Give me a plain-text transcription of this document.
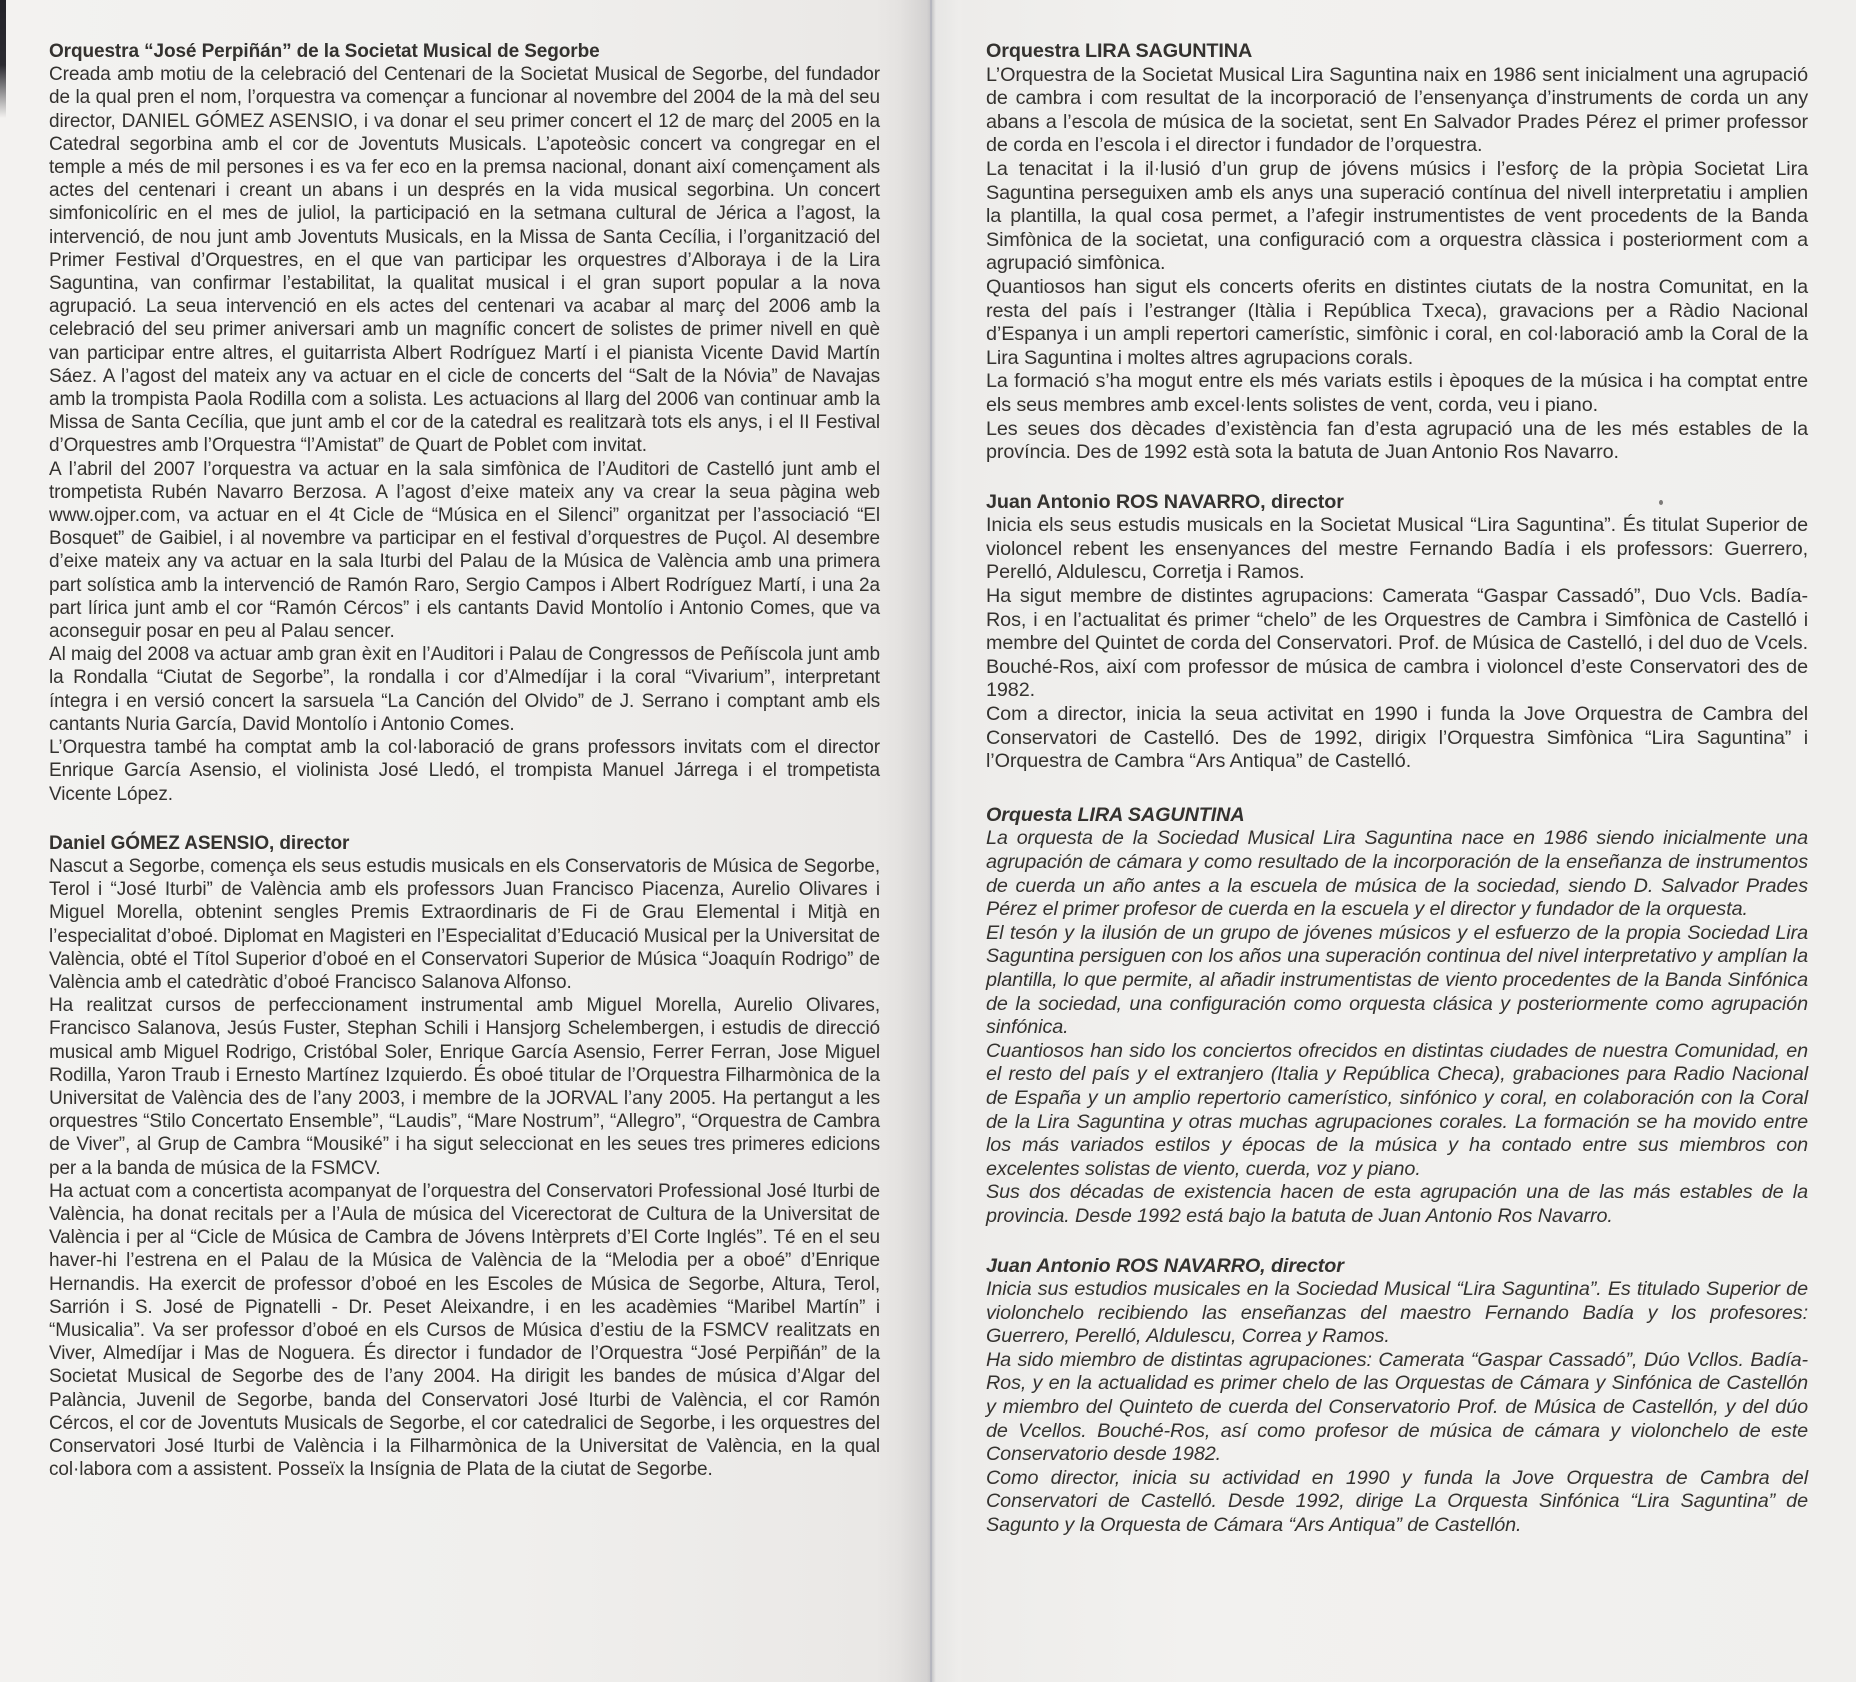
Orquestra “José Perpiñán” de la Societat Musical de Segorbe

Creada amb motiu de la celebració del Centenari de la Societat Musical de Segorbe, del fundador de la qual pren el nom, l’orquestra va començar a funcionar al novembre del 2004 de la mà del seu director, DANIEL GÓMEZ ASENSIO, i va donar el seu primer concert el 12 de març del 2005 en la Catedral segorbina amb el cor de Joventuts Musicals. L’apoteòsic concert va congregar en el temple a més de mil persones i es va fer eco en la premsa nacional, donant així començament als actes del centenari i creant un abans i un després en la vida musical segorbina. Un concert simfonicolíric en el mes de juliol, la participació en la setmana cultural de Jérica a l’agost, la intervenció, de nou junt amb Joventuts Musicals, en la Missa de Santa Cecília, i l’organització del Primer Festival d’Orquestres, en el que van participar les orquestres d’Alboraya i de la Lira Saguntina, van confirmar l’estabilitat, la qualitat musical i el gran suport popular a la nova agrupació. La seua intervenció en els actes del centenari va acabar al març del 2006 amb la celebració del seu primer aniversari amb un magnífic concert de solistes de primer nivell en què van participar entre altres, el guitarrista Albert Rodríguez Martí i el pianista Vicente David Martín Sáez. A l’agost del mateix any va actuar en el cicle de concerts del “Salt de la Nóvia” de Navajas amb la trompista Paola Rodilla com a solista. Les actuacions al llarg del 2006 van continuar amb la Missa de Santa Cecília, que junt amb el cor de la catedral es realitzarà tots els anys, i el II Festival d’Orquestres amb l’Orquestra “l’Amistat” de Quart de Poblet com invitat.

A l’abril del 2007 l’orquestra va actuar en la sala simfònica de l’Auditori de Castelló junt amb el trompetista Rubén Navarro Berzosa. A l’agost d’eixe mateix any va crear la seua pàgina web www.ojper.com, va actuar en el 4t Cicle de “Música en el Silenci” organitzat per l’associació “El Bosquet” de Gaibiel, i al novembre va participar en el festival d’orquestres de Puçol. Al desembre d’eixe mateix any va actuar en la sala Iturbi del Palau de la Música de València amb una primera part solística amb la intervenció de Ramón Raro, Sergio Campos i Albert Rodríguez Martí, i una 2a part lírica junt amb el cor “Ramón Cércos” i els cantants David Montolío i Antonio Comes, que va aconseguir posar en peu al Palau sencer.

Al maig del 2008 va actuar amb gran èxit en l’Auditori i Palau de Congressos de Peñíscola junt amb la Rondalla “Ciutat de Segorbe”, la rondalla i cor d’Almedíjar i la coral “Vivarium”, interpretant íntegra i en versió concert la sarsuela “La Canción del Olvido” de J. Serrano i comptant amb els cantants Nuria García, David Montolío i Antonio Comes.

L’Orquestra també ha comptat amb la col·laboració de grans professors invitats com el director Enrique García Asensio, el violinista José Lledó, el trompista Manuel Járrega i el trompetista Vicente López.

Daniel GÓMEZ ASENSIO, director

Nascut a Segorbe, comença els seus estudis musicals en els Conservatoris de Música de Segorbe, Terol i “José Iturbi” de València amb els professors Juan Francisco Piacenza, Aurelio Olivares i Miguel Morella, obtenint sengles Premis Extraordinaris de Fi de Grau Elemental i Mitjà en l’especialitat d’oboé. Diplomat en Magisteri en l’Especialitat d’Educació Musical per la Universitat de València, obté el Títol Superior d’oboé en el Conservatori Superior de Música “Joaquín Rodrigo” de València amb el catedràtic d’oboé Francisco Salanova Alfonso.

Ha realitzat cursos de perfeccionament instrumental amb Miguel Morella, Aurelio Olivares, Francisco Salanova, Jesús Fuster, Stephan Schili i Hansjorg Schelembergen, i estudis de direcció musical amb Miguel Rodrigo, Cristóbal Soler, Enrique García Asensio, Ferrer Ferran, Jose Miguel Rodilla, Yaron Traub i Ernesto Martínez Izquierdo. És oboé titular de l’Orquestra Filharmònica de la Universitat de València des de l’any 2003, i membre de la JORVAL l’any 2005. Ha pertangut a les orquestres “Stilo Concertato Ensemble”, “Laudis”, “Mare Nostrum”, “Allegro”, “Orquestra de Cambra de Viver”, al Grup de Cambra “Mousiké” i ha sigut seleccionat en les seues tres primeres edicions per a la banda de música de la FSMCV.

Ha actuat com a concertista acompanyat de l’orquestra del Conservatori Professional José Iturbi de València, ha donat recitals per a l’Aula de música del Vicerectorat de Cultura de la Universitat de València i per al “Cicle de Música de Cambra de Jóvens Intèrprets d’El Corte Inglés”. Té en el seu haver-hi l’estrena en el Palau de la Música de València de la “Melodia per a oboé” d’Enrique Hernandis. Ha exercit de professor d’oboé en les Escoles de Música de Segorbe, Altura, Terol, Sarrión i S. José de Pignatelli - Dr. Peset Aleixandre, i en les acadèmies “Maribel Martín” i “Musicalia”. Va ser professor d’oboé en els Cursos de Música d’estiu de la FSMCV realitzats en Viver, Almedíjar i Mas de Noguera. És director i fundador de l’Orquestra “José Perpiñán” de la Societat Musical de Segorbe des de l’any 2004. Ha dirigit les bandes de música d’Algar del Palància, Juvenil de Segorbe, banda del Conservatori José Iturbi de València, el cor Ramón Cércos, el cor de Joventuts Musicals de Segorbe, el cor catedralici de Segorbe, i les orquestres del Conservatori José Iturbi de València i la Filharmònica de la Universitat de València, en la qual col·labora com a assistent. Posseïx la Insígnia de Plata de la ciutat de Segorbe.

Orquestra LIRA SAGUNTINA

L’Orquestra de la Societat Musical Lira Saguntina naix en 1986 sent inicialment una agrupació de cambra i com resultat de la incorporació de l’ensenyança d’instruments de corda un any abans a l’escola de música de la societat, sent En Salvador Prades Pérez el primer professor de corda en l’escola i el director i fundador de l’orquestra.

La tenacitat i la il·lusió d’un grup de jóvens músics i l’esforç de la pròpia Societat Lira Saguntina perseguixen amb els anys una superació contínua del nivell interpretatiu i amplien la plantilla, la qual cosa permet, a l’afegir instrumentistes de vent procedents de la Banda Simfònica de la societat, una configuració com a orquestra clàssica i posteriorment com a agrupació simfònica.

Quantiosos han sigut els concerts oferits en distintes ciutats de la nostra Comunitat, en la resta del país i l’estranger (Itàlia i República Txeca), gravacions per a Ràdio Nacional d’Espanya i un ampli repertori camerístic, simfònic i coral, en col·laboració amb la Coral de la Lira Saguntina i moltes altres agrupacions corals.

La formació s’ha mogut entre els més variats estils i èpoques de la música i ha comptat entre els seus membres amb excel·lents solistes de vent, corda, veu i piano.

Les seues dos dècades d’existència fan d’esta agrupació una de les més estables de la província. Des de 1992 està sota la batuta de Juan Antonio Ros Navarro.

Juan Antonio ROS NAVARRO, director

Inicia els seus estudis musicals en la Societat Musical “Lira Saguntina”. És titulat Superior de violoncel rebent les ensenyances del mestre Fernando Badía i els professors: Guerrero, Perelló, Aldulescu, Corretja i Ramos.

Ha sigut membre de distintes agrupacions: Camerata “Gaspar Cassadó”, Duo Vcls. Badía-Ros, i en l’actualitat és primer “chelo” de les Orquestres de Cambra i Simfònica de Castelló i membre del Quintet de corda del Conservatori. Prof. de Música de Castelló, i del duo de Vcels. Bouché-Ros, així com professor de música de cambra i violoncel d’este Conservatori des de 1982.

Com a director, inicia la seua activitat en 1990 i funda la Jove Orquestra de Cambra del Conservatori de Castelló. Des de 1992, dirigix l’Orquestra Simfònica “Lira Saguntina” i l’Orquestra de Cambra “Ars Antiqua” de Castelló.

Orquesta LIRA SAGUNTINA

La orquesta de la Sociedad Musical Lira Saguntina nace en 1986 siendo inicialmente una agrupación de cámara y como resultado de la incorporación de la enseñanza de instrumentos de cuerda un año antes a la escuela de música de la sociedad, siendo D. Salvador Prades Pérez el primer profesor de cuerda en la escuela y el director y fundador de la orquesta.

El tesón y la ilusión de un grupo de jóvenes músicos y el esfuerzo de la propia Sociedad Lira Saguntina persiguen con los años una superación continua del nivel interpretativo y amplían la plantilla, lo que permite, al añadir instrumentistas de viento procedentes de la Banda Sinfónica de la sociedad, una configuración como orquesta clásica y posteriormente como agrupación sinfónica.

Cuantiosos han sido los conciertos ofrecidos en distintas ciudades de nuestra Comunidad, en el resto del país y el extranjero (Italia y República Checa), grabaciones para Radio Nacional de España y un amplio repertorio camerístico, sinfónico y coral, en colaboración con la Coral de la Lira Saguntina y otras muchas agrupaciones corales. La formación se ha movido entre los más variados estilos y épocas de la música y ha contado entre sus miembros con excelentes solistas de viento, cuerda, voz y piano.

Sus dos décadas de existencia hacen de esta agrupación una de las más estables de la provincia. Desde 1992 está bajo la batuta de Juan Antonio Ros Navarro.

Juan Antonio ROS NAVARRO, director

Inicia sus estudios musicales en la Sociedad Musical “Lira Saguntina”. Es titulado Superior de violonchelo recibiendo las enseñanzas del maestro Fernando Badía y los profesores: Guerrero, Perelló, Aldulescu, Correa y Ramos.

Ha sido miembro de distintas agrupaciones: Camerata “Gaspar Cassadó”, Dúo Vcllos. Badía-Ros, y en la actualidad es primer chelo de las Orquestas de Cámara y Sinfónica de Castellón y miembro del Quinteto de cuerda del Conservatorio Prof. de Música de Castellón, y del dúo de Vcellos. Bouché-Ros, así como profesor de música de cámara y violonchelo de este Conservatorio desde 1982.

Como director, inicia su actividad en 1990 y funda la Jove Orquestra de Cambra del Conservatori de Castelló. Desde 1992, dirige La Orquesta Sinfónica “Lira Saguntina” de Sagunto y la Orquesta de Cámara “Ars Antiqua” de Castellón.
